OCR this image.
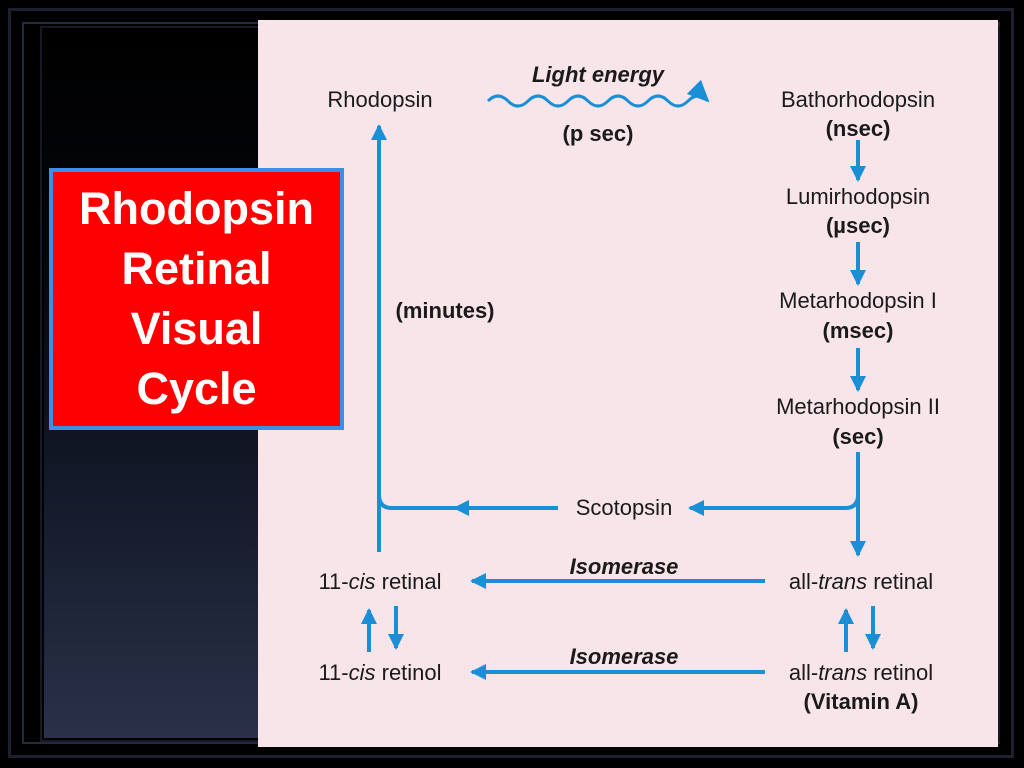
Rhodopsin
Retinal
Visual
Cycle
Rhodopsin
Light energy
(p sec)
Bathorhodopsin
(nsec)
Lumirhodopsin
(µsec)
Metarhodopsin I
(msec)
Metarhodopsin II
(sec)
(minutes)
Scotopsin
Isomerase
Isomerase
11-cis retinal
11-cis retinol
all-trans retinal
all-trans retinol
(Vitamin A)
